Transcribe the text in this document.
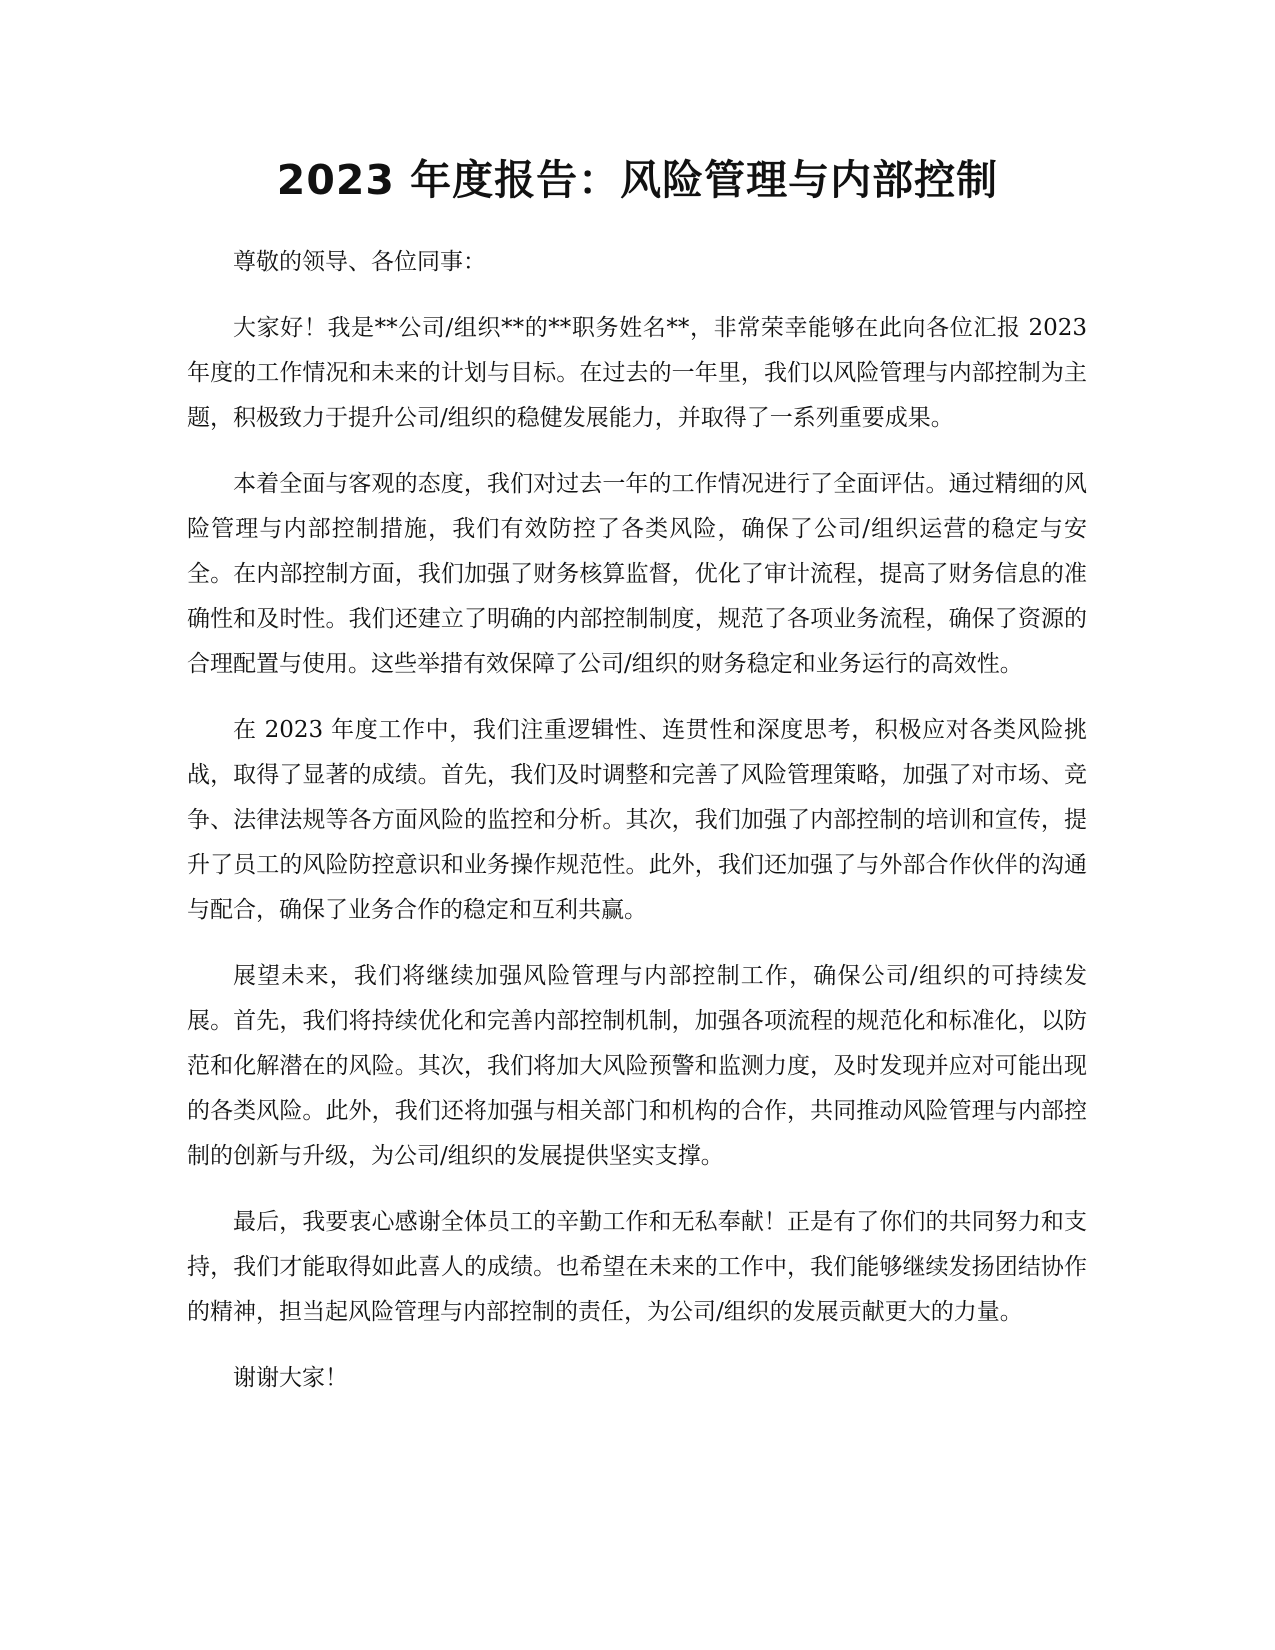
2023 年度报告：风险管理与内部控制

尊敬的领导、各位同事：

大家好！我是**公司/组织**的**职务姓名**，非常荣幸能够在此向各位汇报 2023 年度的工作情况和未来的计划与目标。在过去的一年里，我们以风险管理与内部控制为主题，积极致力于提升公司/组织的稳健发展能力，并取得了一系列重要成果。

本着全面与客观的态度，我们对过去一年的工作情况进行了全面评估。通过精细的风险管理与内部控制措施，我们有效防控了各类风险，确保了公司/组织运营的稳定与安全。在内部控制方面，我们加强了财务核算监督，优化了审计流程，提高了财务信息的准确性和及时性。我们还建立了明确的内部控制制度，规范了各项业务流程，确保了资源的合理配置与使用。这些举措有效保障了公司/组织的财务稳定和业务运行的高效性。

在 2023 年度工作中，我们注重逻辑性、连贯性和深度思考，积极应对各类风险挑战，取得了显著的成绩。首先，我们及时调整和完善了风险管理策略，加强了对市场、竞争、法律法规等各方面风险的监控和分析。其次，我们加强了内部控制的培训和宣传，提升了员工的风险防控意识和业务操作规范性。此外，我们还加强了与外部合作伙伴的沟通与配合，确保了业务合作的稳定和互利共赢。

展望未来，我们将继续加强风险管理与内部控制工作，确保公司/组织的可持续发展。首先，我们将持续优化和完善内部控制机制，加强各项流程的规范化和标准化，以防范和化解潜在的风险。其次，我们将加大风险预警和监测力度，及时发现并应对可能出现的各类风险。此外，我们还将加强与相关部门和机构的合作，共同推动风险管理与内部控制的创新与升级，为公司/组织的发展提供坚实支撑。

最后，我要衷心感谢全体员工的辛勤工作和无私奉献！正是有了你们的共同努力和支持，我们才能取得如此喜人的成绩。也希望在未来的工作中，我们能够继续发扬团结协作的精神，担当起风险管理与内部控制的责任，为公司/组织的发展贡献更大的力量。

谢谢大家！
